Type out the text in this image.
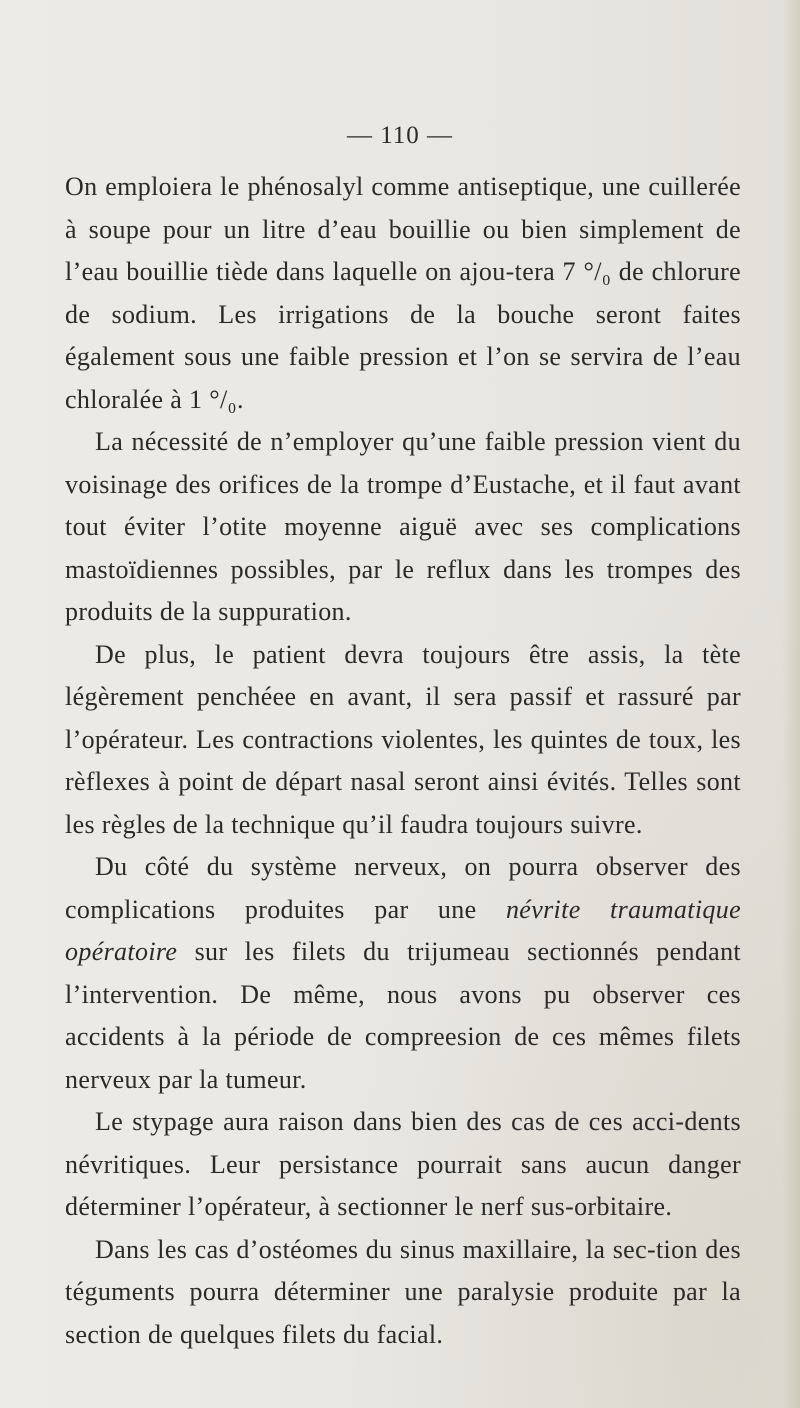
— 110 —

On emploiera le phénosalyl comme antiseptique, une cuillerée à soupe pour un litre d’eau bouillie ou bien simplement de l’eau bouillie tiède dans laquelle on ajou-tera 7 °/₀ de chlorure de sodium. Les irrigations de la bouche seront faites également sous une faible pression et l’on se servira de l’eau chloralée à 1 °/₀.

La nécessité de n’employer qu’une faible pression vient du voisinage des orifices de la trompe d’Eustache, et il faut avant tout éviter l’otite moyenne aiguë avec ses complications mastoïdiennes possibles, par le reflux dans les trompes des produits de la suppuration.

De plus, le patient devra toujours être assis, la tète légèrement penchéee en avant, il sera passif et rassuré par l’opérateur. Les contractions violentes, les quintes de toux, les rèflexes à point de départ nasal seront ainsi évités. Telles sont les règles de la technique qu’il faudra toujours suivre.

Du côté du système nerveux, on pourra observer des complications produites par une névrite traumatique opératoire sur les filets du trijumeau sectionnés pendant l’intervention. De même, nous avons pu observer ces accidents à la période de compreesion de ces mêmes filets nerveux par la tumeur.

Le stypage aura raison dans bien des cas de ces acci-dents névritiques. Leur persistance pourrait sans aucun danger déterminer l’opérateur, à sectionner le nerf sus-orbitaire.

Dans les cas d’ostéomes du sinus maxillaire, la sec-tion des téguments pourra déterminer une paralysie produite par la section de quelques filets du facial.
